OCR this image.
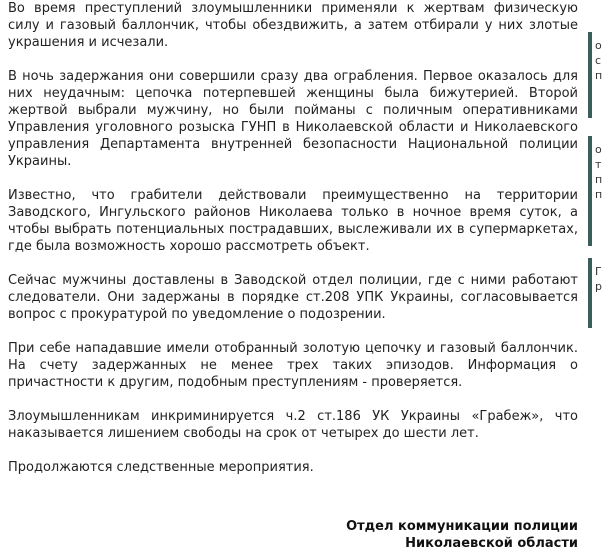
Во время преступлений злоумышленники применяли к жертвам физическую силу и газовый баллончик, чтобы обездвижить, а затем отбирали у них злотые украшения и исчезали.

В ночь задержания они совершили сразу два ограбления. Первое оказалось для них неудачным: цепочка потерпевшей женщины была бижутерией. Второй жертвой выбрали мужчину, но были пойманы с поличным оперативниками Управления уголовного розыска ГУНП в Николаевской области и Николаевского управления Департамента внутренней безопасности Национальной полиции Украины.

Известно, что грабители действовали преимущественно на территории Заводского, Ингульского районов Николаева только в ночное время суток, а чтобы выбрать потенциальных пострадавших, выслеживали их в супермаркетах, где была возможность хорошо рассмотреть объект.

Сейчас мужчины доставлены в Заводской отдел полиции, где с ними работают следователи. Они задержаны в порядке ст.208 УПК Украины, согласовывается вопрос с прокуратурой по уведомление о подозрении.

При себе нападавшие имели отобранный золотую цепочку и газовый баллончик. На счету задержанных не менее трех таких эпизодов. Информация о причастности к другим, подобным преступлениям - проверяется.

Злоумышленникам инкриминируется ч.2 ст.186 УК Украины «Грабеж», что наказывается лишением свободы на срок от четырех до шести лет.

Продолжаются следственные мероприятия.

Отдел коммуникации полиции
Николаевской области
о
с
п
о
т
п
п
Г
р
